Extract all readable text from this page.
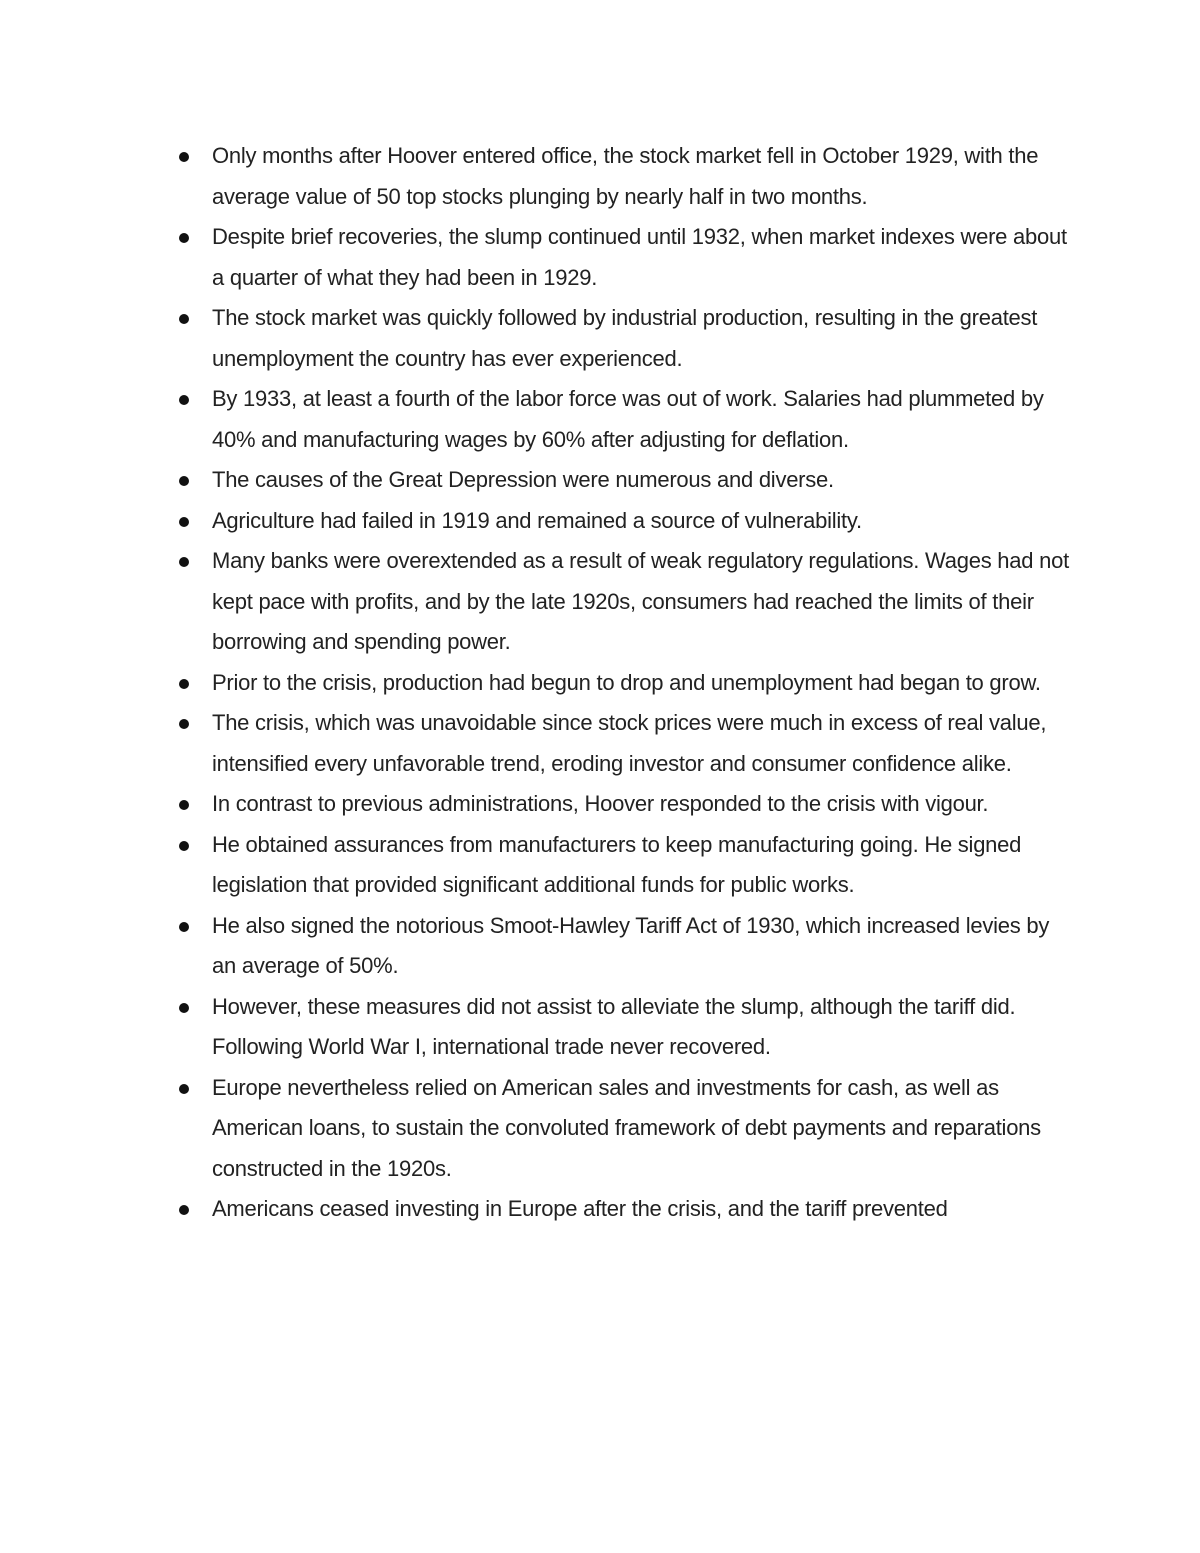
Only months after Hoover entered office, the stock market fell in October 1929, with the average value of 50 top stocks plunging by nearly half in two months.
Despite brief recoveries, the slump continued until 1932, when market indexes were about a quarter of what they had been in 1929.
The stock market was quickly followed by industrial production, resulting in the greatest unemployment the country has ever experienced.
By 1933, at least a fourth of the labor force was out of work. Salaries had plummeted by 40% and manufacturing wages by 60% after adjusting for deflation.
The causes of the Great Depression were numerous and diverse.
Agriculture had failed in 1919 and remained a source of vulnerability.
Many banks were overextended as a result of weak regulatory regulations. Wages had not kept pace with profits, and by the late 1920s, consumers had reached the limits of their borrowing and spending power.
Prior to the crisis, production had begun to drop and unemployment had began to grow.
The crisis, which was unavoidable since stock prices were much in excess of real value, intensified every unfavorable trend, eroding investor and consumer confidence alike.
In contrast to previous administrations, Hoover responded to the crisis with vigour.
He obtained assurances from manufacturers to keep manufacturing going. He signed legislation that provided significant additional funds for public works.
He also signed the notorious Smoot-Hawley Tariff Act of 1930, which increased levies by an average of 50%.
However, these measures did not assist to alleviate the slump, although the tariff did. Following World War I, international trade never recovered.
Europe nevertheless relied on American sales and investments for cash, as well as American loans, to sustain the convoluted framework of debt payments and reparations constructed in the 1920s.
Americans ceased investing in Europe after the crisis, and the tariff prevented
